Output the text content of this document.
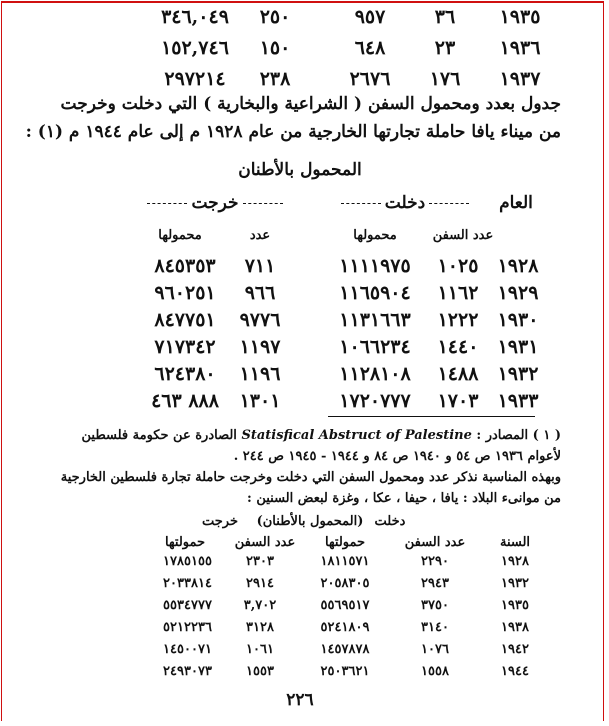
١٩٣٥
٣٦
٩٥٧
٢٥٠
٣٤٦,٠٤٩
١٩٣٦
٢٣
٦٤٨
١٥٠
١٥٢,٧٤٦
١٩٣٧
١٧٦
٢٦٧٦
٢٣٨
٢٩٧٢١٤
جدول بعدد ومحمول السفن ( الشراعية والبخارية ) التي دخلت وخرجت
من ميناء يافا حاملة تجارتها الخارجية من عام ١٩٢٨ م إلى عام ١٩٤٤ م (١) :
المحمول بالأطنان
العام
دخلت
خرجت
عدد السفن
محمولها
عدد
محمولها
١٩٢٨
١٠٢٥
١١١١٩٧٥
٧١١
٨٤٥٣٥٣
١٩٢٩
١١٦٢
١١٦٥٩٠٤
٩٦٦
٩٦٠٢٥١
١٩٣٠
١٢٢٢
١١٣١٦٦٣
٩٧٧٦
٨٤٧٧٥١
١٩٣١
١٤٤٠
١٠٦٦٢٣٤
١١٩٧
٧١٧٣٤٢
١٩٣٢
١٤٨٨
١١٢٨١٠٨
١١٩٦
٦٢٤٣٨٠
١٩٣٣
١٧٠٣
١٧٢٠٧٧٧
١٣٠١
٨٨٨ ٤٦٣
( ١ ) المصادر : Statisfical Abstruct of Palestine الصادرة عن حكومة فلسطين
لأعوام ١٩٣٦ ص ٥٤ و ١٩٤٠ ص ٨٤ و ١٩٤٤ - ١٩٤٥ ص ٢٤٤ .
وبهذه المناسبة نذكر عدد ومحمول السفن التي دخلت وخرجت حاملة تجارة فلسطين الخارجية
من موانىء البلاد : يافا ، حيفا ، عكا ، وغزة لبعض السنين :
دخلت
(المحمول بالأطنان)
خرجت
السنة
عدد السفن
حمولتها
عدد السفن
حمولتها
١٩٢٨
٢٢٩٠
١٨١١٥٧١
٢٣٠٣
١٧٨٥١٥٥
١٩٣٢
٢٩٤٣
٢٠٥٨٣٠٥
٢٩١٤
٢٠٣٣٨١٤
١٩٣٥
٣٧٥٠
٥٥٦٩٥١٧
٣,٧٠٢
٥٥٣٤٧٧٧
١٩٣٨
٣١٤٠
٥٢٤١٨٠٩
٣١٢٨
٥٢١٢٢٣٦
١٩٤٢
١٠٧٦
١٤٥٧٨٧٨
١٠٦١
١٤٥٠٠٧١
١٩٤٤
١٥٥٨
٢٥٠٣٦٢١
١٥٥٣
٢٤٩٣٠٧٣
٢٢٦
